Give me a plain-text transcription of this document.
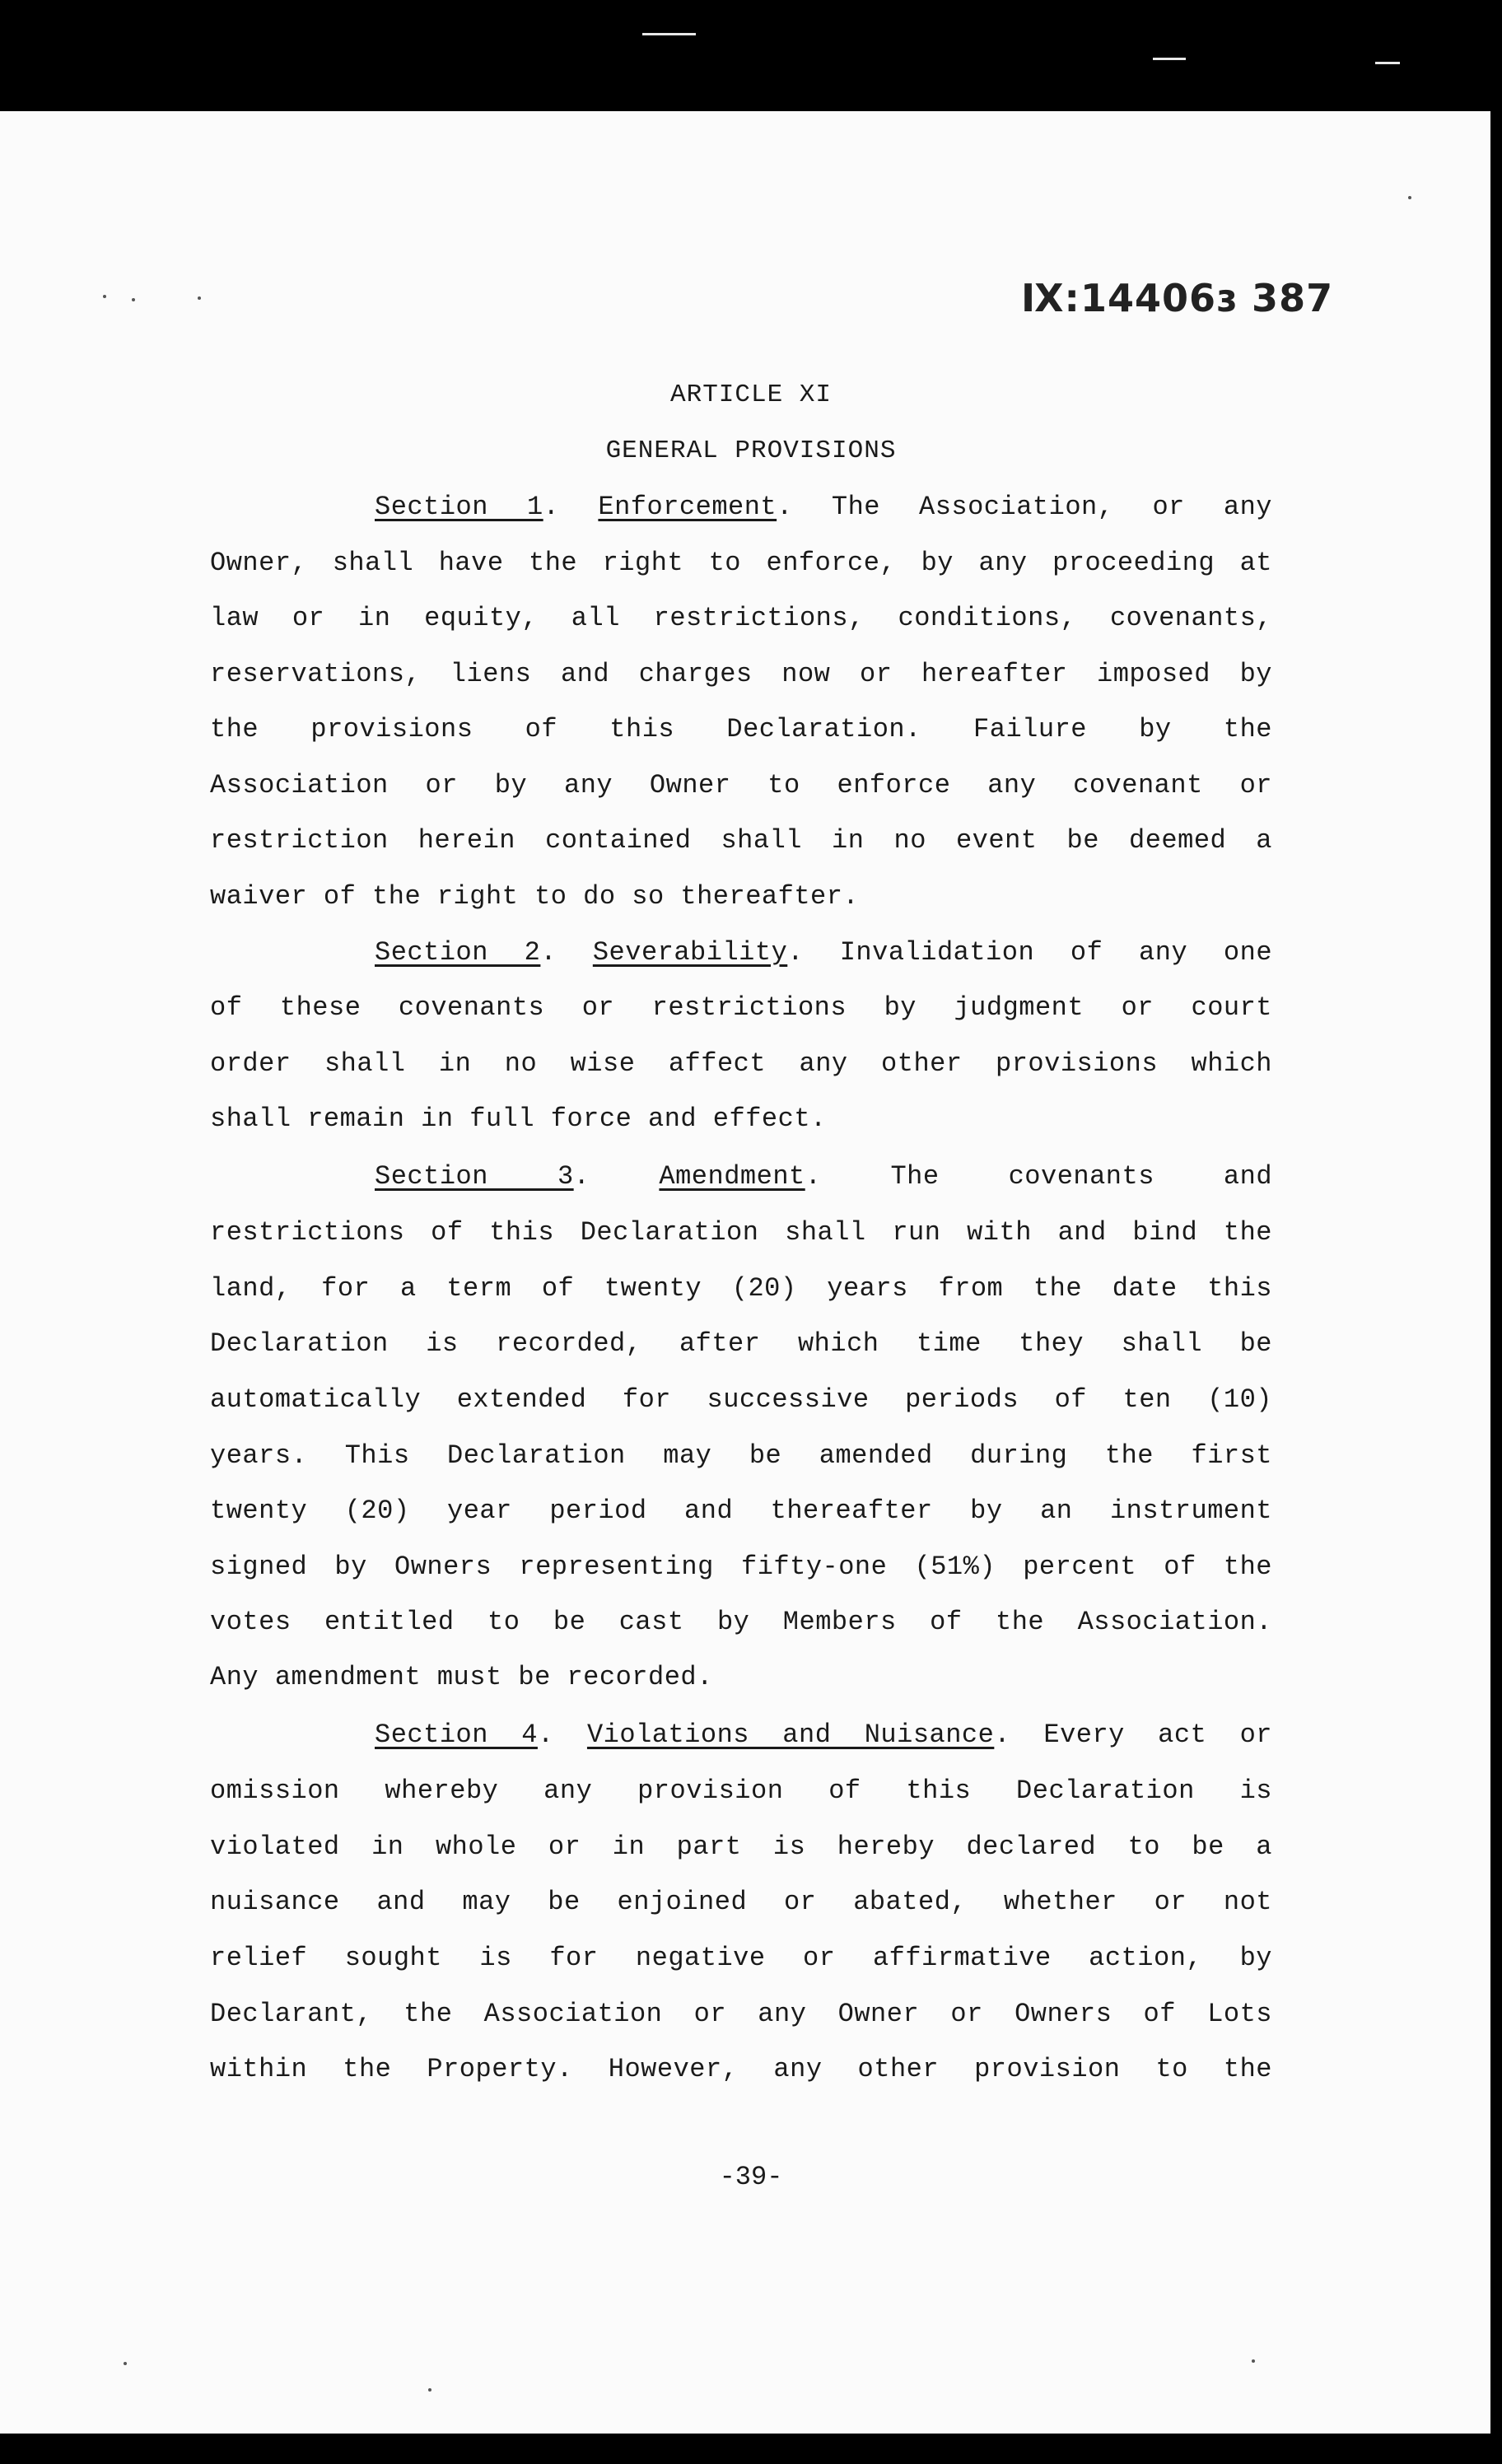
Ⅸ:14406ɜ 387
ARTICLE XI
GENERAL PROVISIONS
Section 1. Enforcement. The Association, or any
Owner, shall have the right to enforce, by any proceeding at
law or in equity, all restrictions, conditions, covenants,
reservations, liens and charges now or hereafter imposed by
the provisions of this Declaration. Failure by the
Association or by any Owner to enforce any covenant or
restriction herein contained shall in no event be deemed a
waiver of the right to do so thereafter.
Section 2. Severability. Invalidation of any one
of these covenants or restrictions by judgment or court
order shall in no wise affect any other provisions which
shall remain in full force and effect.
Section 3. Amendment. The covenants and
restrictions of this Declaration shall run with and bind the
land, for a term of twenty (20) years from the date this
Declaration is recorded, after which time they shall be
automatically extended for successive periods of ten (10)
years. This Declaration may be amended during the first
twenty (20) year period and thereafter by an instrument
signed by Owners representing fifty-one (51%) percent of the
votes entitled to be cast by Members of the Association.
Any amendment must be recorded.
Section 4. Violations and Nuisance. Every act or
omission whereby any provision of this Declaration is
violated in whole or in part is hereby declared to be a
nuisance and may be enjoined or abated, whether or not
relief sought is for negative or affirmative action, by
Declarant, the Association or any Owner or Owners of Lots
within the Property. However, any other provision to the
-39-
